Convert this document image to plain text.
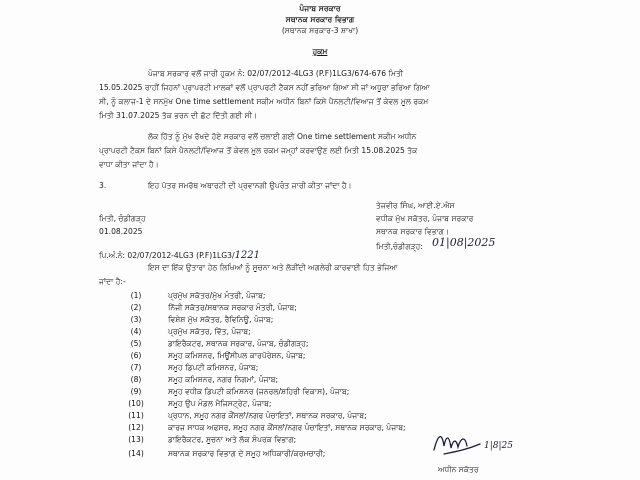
ਪੰਜਾਬ ਸਰਕਾਰ
ਸਥਾਨਕ ਸਰਕਾਰ ਵਿਭਾਗ
(ਸਥਾਨਕ ਸਰਕਾਰ-3 ਸ਼ਾਖਾ)
ਹੁਕਮ
ਪੰਜਾਬ ਸਰਕਾਰ ਵਲੋਂ ਜਾਰੀ ਹੁਕਮ ਨੰ: 02/07/2012-4LG3 (P.F)1LG3/674-676 ਮਿਤੀ
15.05.2025 ਰਾਹੀਂ ਜਿਹਨਾਂ ਪ੍ਰਾਪਰਟੀ ਮਾਲਕਾਂ ਵਲੋਂ ਪ੍ਰਾਪਰਟੀ ਟੈਕਸ ਨਹੀਂ ਭਰਿਆ ਗਿਆ ਸੀ ਜਾਂ ਅਧੂਰਾ ਭਰਿਆ ਗਿਆ
ਸੀ, ਨੂੰ ਕਲਾਜ-1 ਦੇ ਸਨਮੁੱਖ One time settlement ਸਕੀਮ ਅਧੀਨ ਬਿਨਾਂ ਕਿਸੇ ਪੈਨਲਟੀ/ਵਿਆਜ ਤੋਂ ਕੇਵਲ ਮੂਲ ਰਕਮ
ਮਿਤੀ 31.07.2025 ਤੱਕ ਭਰਨ ਦੀ ਛੋਟ ਦਿੱਤੀ ਗਈ ਸੀ।
ਲੋਕ ਹਿੱਤ ਨੂੰ ਮੁੱਖ ਰੱਖਦੇ ਹੋਏ ਸਰਕਾਰ ਵਲੋਂ ਚਲਾਈ ਗਈ One time settlement ਸਕੀਮ ਅਧੀਨ
ਪ੍ਰਾਪਰਟੀ ਟੈਕਸ ਬਿਨਾਂ ਕਿਸੇ ਪੈਨਲਟੀ/ਵਿਆਜ ਤੋਂ ਕੇਵਲ ਮੂਲ ਰਕਮ ਜਮ੍ਹਾਂ ਕਰਵਾਉਣ ਲਈ ਮਿਤੀ 15.08.2025 ਤੱਕ
ਵਾਧਾ ਕੀਤਾ ਜਾਂਦਾ ਹੈ।
3.	ਇਹ ਪੱਤਰ ਸਮਰੱਥ ਅਥਾਰਟੀ ਦੀ ਪ੍ਰਵਾਨਗੀ ਉਪਰੰਤ ਜਾਰੀ ਕੀਤਾ ਜਾਂਦਾ ਹੈ।
ਤੇਜਵੀਰ ਸਿੰਘ, ਆਈ.ਏ.ਐਸ
ਵਧੀਕ ਮੁੱਖ ਸਕੱਤਰ, ਪੰਜਾਬ ਸਰਕਾਰ
ਸਥਾਨਕ ਸਰਕਾਰ ਵਿਭਾਗ।
ਮਿਤੀ,ਚੰਡੀਗੜ੍ਹ: 01|08|2025
ਮਿਤੀ, ਚੰਡੀਗੜ੍ਹ
01.08.2025
ਪਿ.ਅੰ.ਨੰ: 02/07/2012-4LG3 (P.F)1LG3/1221
ਇਸ ਦਾ ਇੱਕ ਉਤਾਰਾ ਹੇਠ ਲਿਖਿਆਂ ਨੂੰ ਸੂਚਨਾ ਅਤੇ ਲੋੜੀਂਦੀ ਅਗਲੇਰੀ ਕਾਰਵਾਈ ਹਿਤ ਭੇਜਿਆ
ਜਾਂਦਾ ਹੈ:-
(1)	ਪ੍ਰਮੁੱਖ ਸਕੱਤਰ/ਮੁੱਖ ਮੰਤਰੀ, ਪੰਜਾਬ;
(2)	ਨਿੱਜੀ ਸਕੱਤਰ/ਸਥਾਨਕ ਸਰਕਾਰ ਮੰਤਰੀ, ਪੰਜਾਬ;
(3)	ਵਿਸ਼ੇਸ਼ ਮੁੱਖ ਸਕੱਤਰ, ਰੈਵਿਨਿਊ, ਪੰਜਾਬ;
(4)	ਪ੍ਰਮੁੱਖ ਸਕੱਤਰ, ਵਿੱਤ, ਪੰਜਾਬ;
(5)	ਡਾਇਰੈਕਟਰ, ਸਥਾਨਕ ਸਰਕਾਰ, ਪੰਜਾਬ, ਚੰਡੀਗੜ੍ਹ;
(6)	ਸਮੂਹ ਕਮਿਸ਼ਨਰ, ਮਿਊਂਸੀਪਲ ਕਾਰਪੋਰੇਸ਼ਨ, ਪੰਜਾਬ;
(7)	ਸਮੂਹ ਡਿਪਟੀ ਕਮਿਸ਼ਨਰ, ਪੰਜਾਬ;
(8)	ਸਮੂਹ ਕਮਿਸ਼ਨਰ, ਨਗਰ ਨਿਗਮਾਂ, ਪੰਜਾਬ;
(9)	ਸਮੂਹ ਵਧੀਕ ਡਿਪਟੀ ਕਮਿਸ਼ਨਰ (ਜਨਰਲ/ਸ਼ਹਿਰੀ ਵਿਕਾਸ), ਪੰਜਾਬ;
(10)	ਸਮੂਹ ਉਪ ਮੰਡਲ ਮੈਜਿਸਟ੍ਰੇਟ, ਪੰਜਾਬ;
(11)	ਪ੍ਰਧਾਨ, ਸਮੂਹ ਨਗਰ ਕੌਂਸਲਾਂ/ਨਗਰ ਪੰਚਾਇਤਾਂ, ਸਥਾਨਕ ਸਰਕਾਰ, ਪੰਜਾਬ;
(12)	ਕਾਰਜ ਸਾਧਕ ਅਫਸਰ, ਸਮੂਹ ਨਗਰ ਕੌਂਸਲਾਂ/ਨਗਰ ਪੰਚਾਇਤਾਂ, ਸਥਾਨਕ ਸਰਕਾਰ, ਪੰਜਾਬ;
(13)	ਡਾਇਰੈਕਟਰ, ਸੂਚਨਾ ਅਤੇ ਲੋਕ ਸੰਪਰਕ ਵਿਭਾਗ;
(14)	ਸਥਾਨਕ ਸਰਕਾਰ ਵਿਭਾਗ ਦੇ ਸਮੂਹ ਅਧਿਕਾਰੀ/ਕਰਮਚਾਰੀ;
1|8|25
ਅਧੀਨ ਸਕੱਤਰ
